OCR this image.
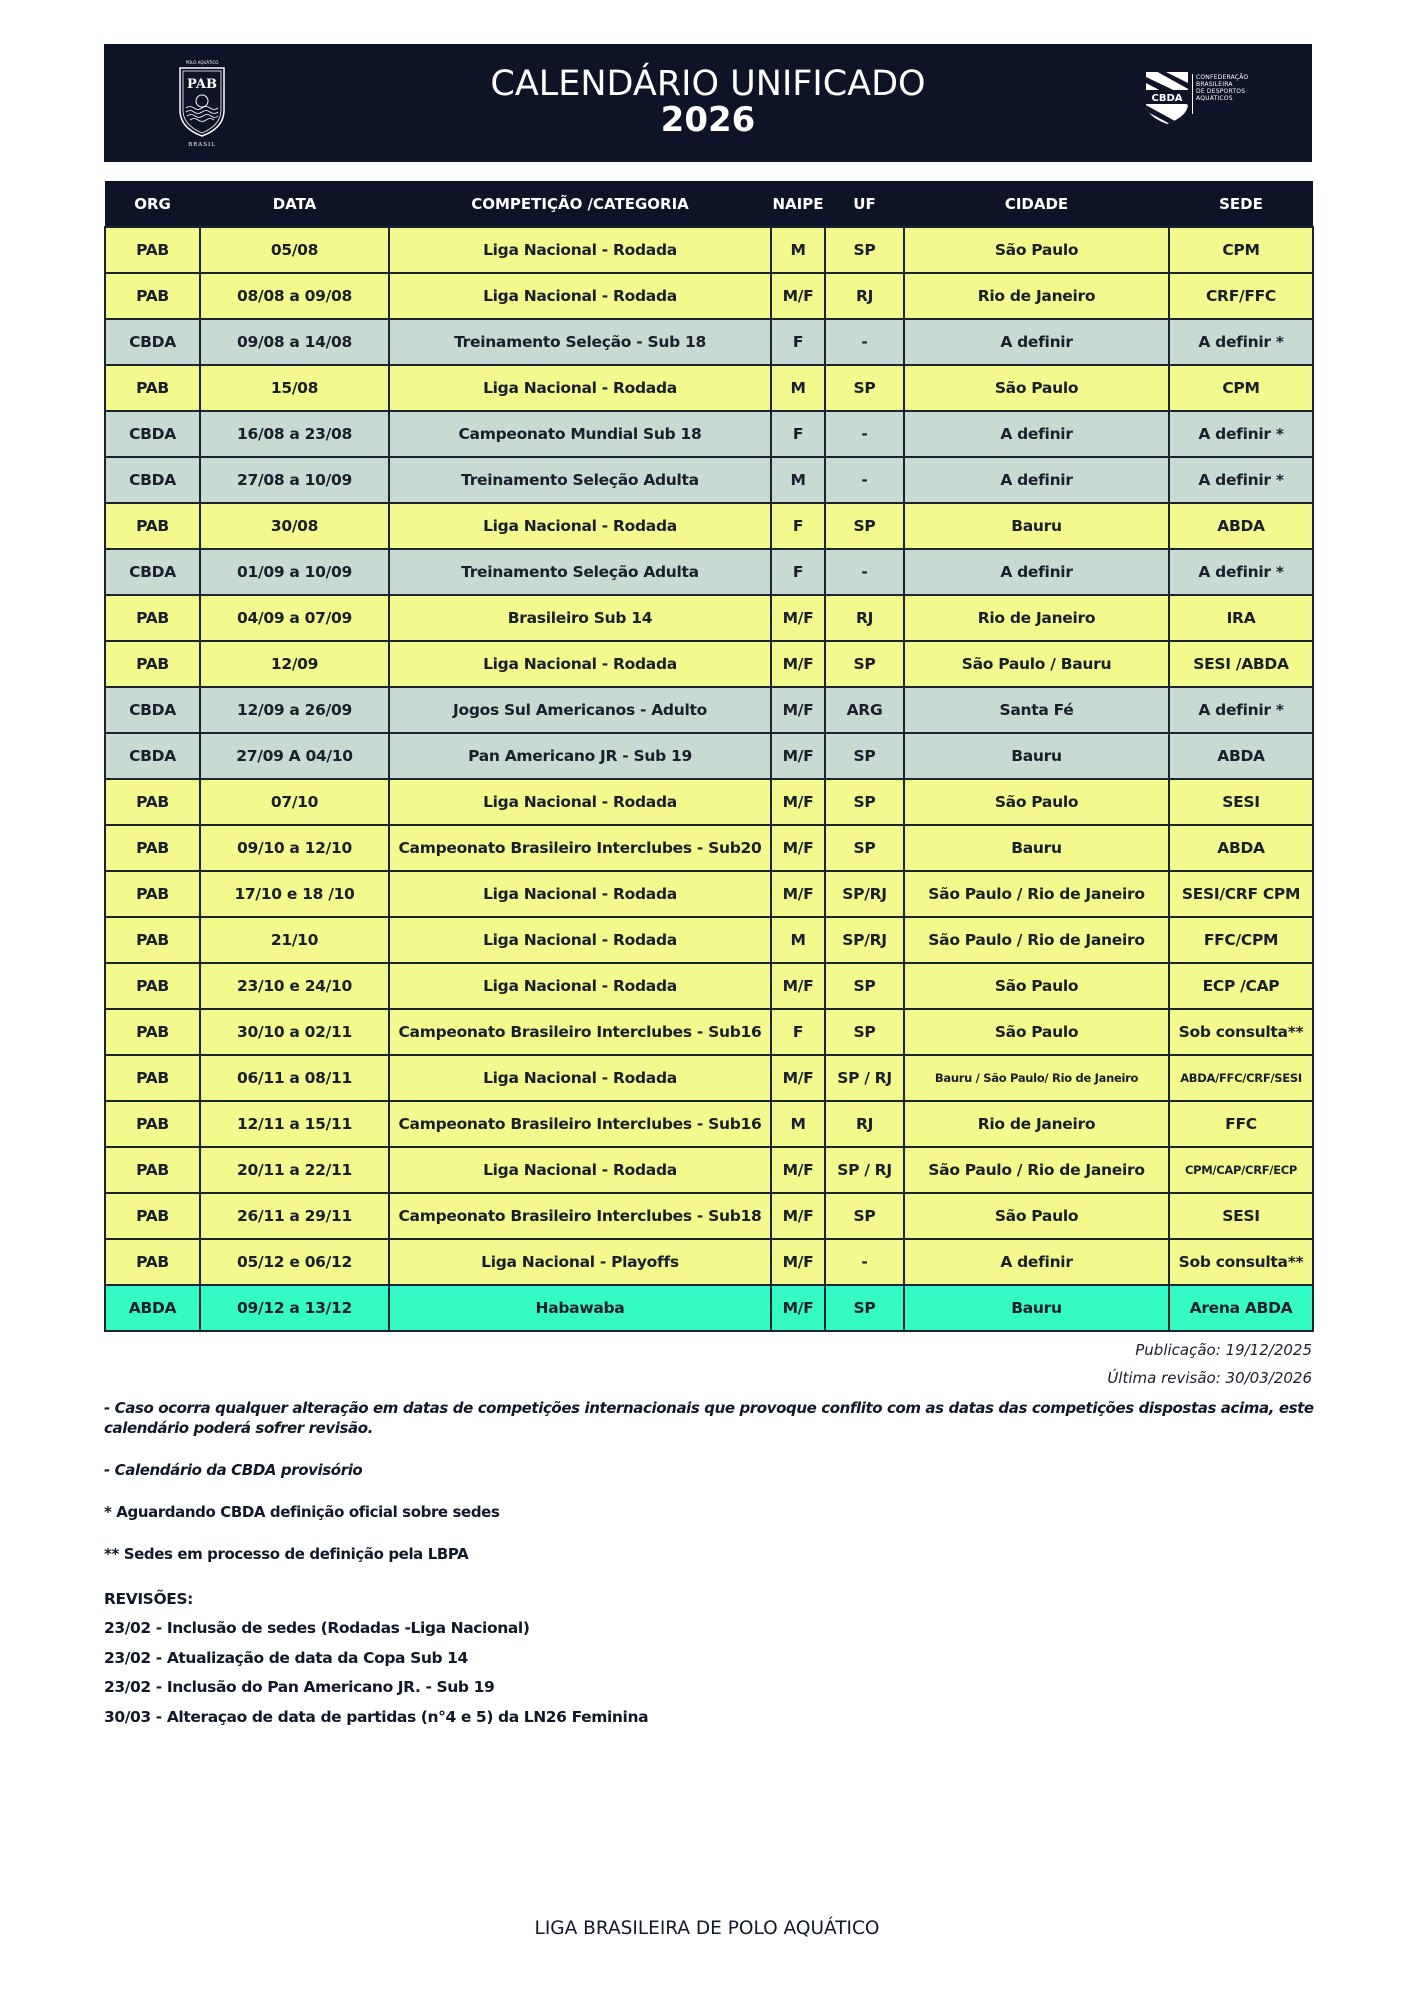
POLO AQUÁTICO
PAB
BRASIL
CALENDÁRIO UNIFICADO
2026
CBDA
CONFEDERAÇÃO
BRASILEIRA
DE DESPORTOS
AQUÁTICOS
ORG	DATA	COMPETIÇÃO /CATEGORIA	NAIPE	UF	CIDADE	SEDE
PAB	05/08	Liga Nacional - Rodada	M	SP	São Paulo	CPM
PAB	08/08 a 09/08	Liga Nacional - Rodada	M/F	RJ	Rio de Janeiro	CRF/FFC
CBDA	09/08 a 14/08	Treinamento Seleção - Sub 18	F	-	A definir	A definir *
PAB	15/08	Liga Nacional - Rodada	M	SP	São Paulo	CPM
CBDA	16/08 a 23/08	Campeonato Mundial Sub 18	F	-	A definir	A definir *
CBDA	27/08 a 10/09	Treinamento Seleção Adulta	M	-	A definir	A definir *
PAB	30/08	Liga Nacional - Rodada	F	SP	Bauru	ABDA
CBDA	01/09 a 10/09	Treinamento Seleção Adulta	F	-	A definir	A definir *
PAB	04/09 a 07/09	Brasileiro Sub 14	M/F	RJ	Rio de Janeiro	IRA
PAB	12/09	Liga Nacional - Rodada	M/F	SP	São Paulo / Bauru	SESI /ABDA
CBDA	12/09 a 26/09	Jogos Sul Americanos - Adulto	M/F	ARG	Santa Fé	A definir *
CBDA	27/09 A 04/10	Pan Americano JR - Sub 19	M/F	SP	Bauru	ABDA
PAB	07/10	Liga Nacional - Rodada	M/F	SP	São Paulo	SESI
PAB	09/10 a 12/10	Campeonato Brasileiro Interclubes - Sub20	M/F	SP	Bauru	ABDA
PAB	17/10 e 18 /10	Liga Nacional - Rodada	M/F	SP/RJ	São Paulo / Rio de Janeiro	SESI/CRF CPM
PAB	21/10	Liga Nacional - Rodada	M	SP/RJ	São Paulo / Rio de Janeiro	FFC/CPM
PAB	23/10 e 24/10	Liga Nacional - Rodada	M/F	SP	São Paulo	ECP /CAP
PAB	30/10 a 02/11	Campeonato Brasileiro Interclubes - Sub16	F	SP	São Paulo	Sob consulta**
PAB	06/11 a 08/11	Liga Nacional - Rodada	M/F	SP / RJ	Bauru / São Paulo/ Rio de Janeiro	ABDA/FFC/CRF/SESI
PAB	12/11 a 15/11	Campeonato Brasileiro Interclubes - Sub16	M	RJ	Rio de Janeiro	FFC
PAB	20/11 a 22/11	Liga Nacional - Rodada	M/F	SP / RJ	São Paulo / Rio de Janeiro	CPM/CAP/CRF/ECP
PAB	26/11 a 29/11	Campeonato Brasileiro Interclubes - Sub18	M/F	SP	São Paulo	SESI
PAB	05/12 e 06/12	Liga Nacional - Playoffs	M/F	-	A definir	Sob consulta**
ABDA	09/12 a 13/12	Habawaba	M/F	SP	Bauru	Arena ABDA
Publicação: 19/12/2025
Última revisão: 30/03/2026
- Caso ocorra qualquer alteração em datas de competições internacionais que provoque conflito com as datas das competições dispostas acima, este calendário poderá sofrer revisão.
- Calendário da CBDA provisório
* Aguardando CBDA definição oficial sobre sedes
** Sedes em processo de definição pela LBPA
REVISÕES:
23/02 - Inclusão de sedes (Rodadas -Liga Nacional)
23/02 - Atualização de data da Copa Sub 14
23/02 - Inclusão do Pan Americano JR. - Sub 19
30/03 - Alteraçao de data de partidas (n°4 e 5) da LN26 Feminina
LIGA BRASILEIRA DE POLO AQUÁTICO
